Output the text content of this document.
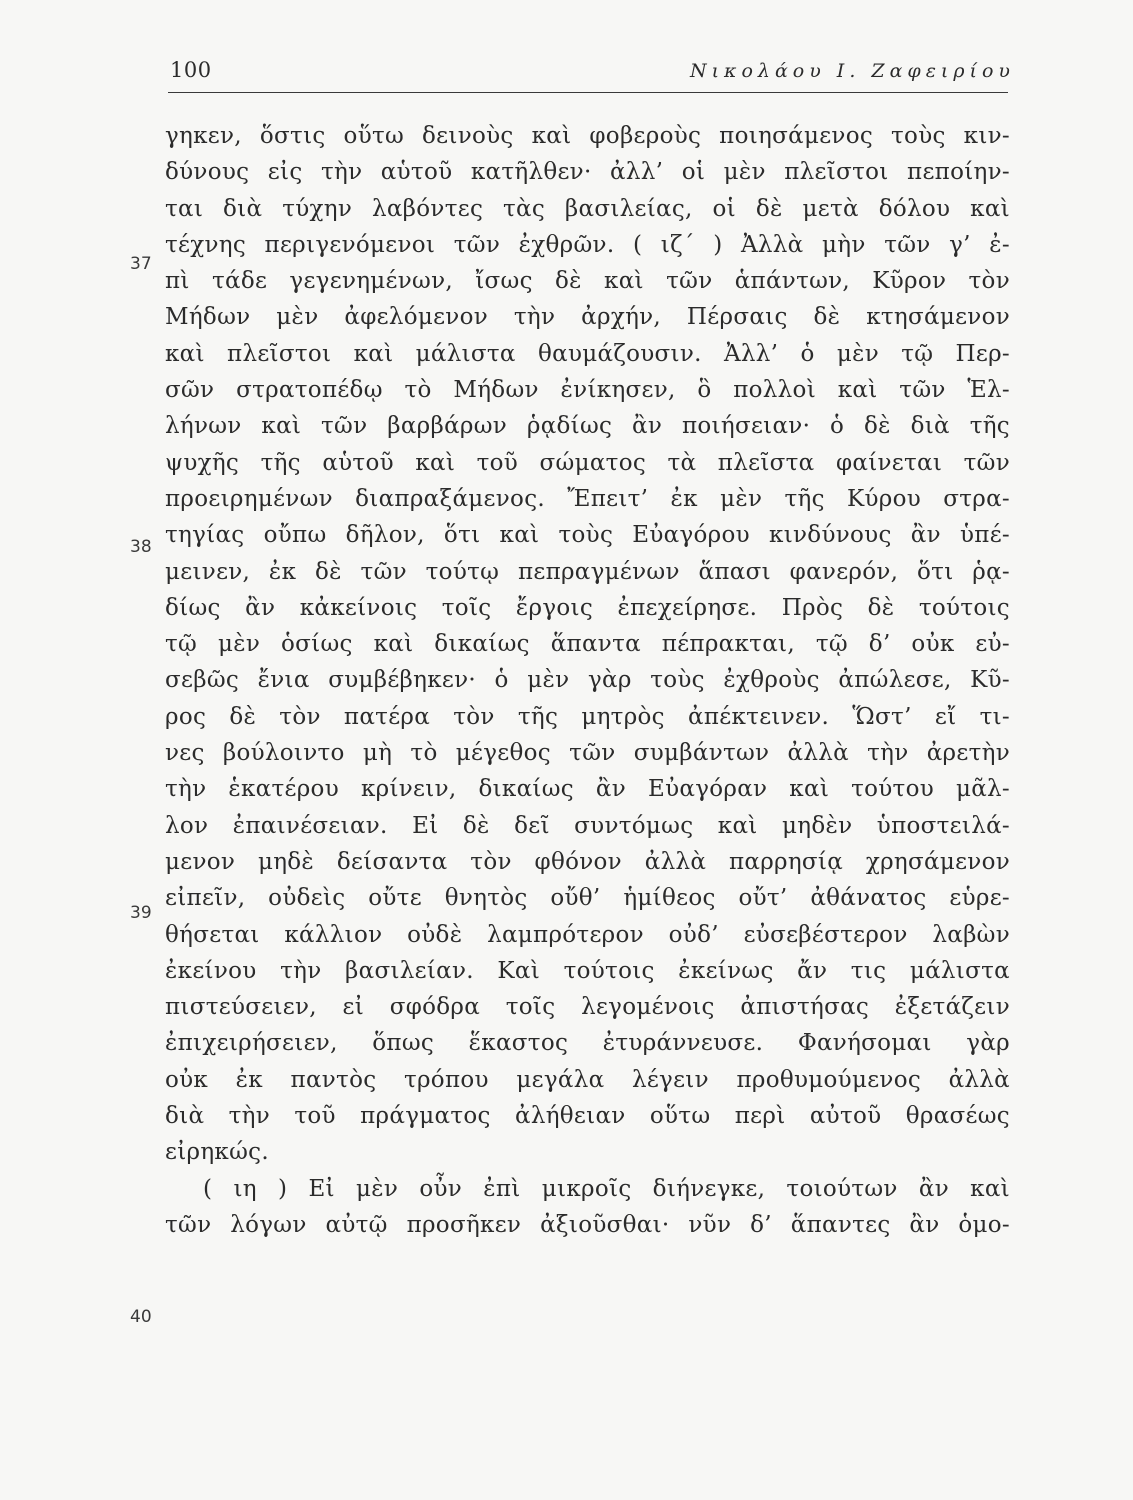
100	Νικολάου Ι. Ζαφειρίου
37
38
39
40
γηκεν, ὅστις οὕτω δεινοὺς καὶ φοβεροὺς ποιησάμενος τοὺς κιν-
δύνους εἰς τὴν αὑτοῦ κατῆλθεν· ἀλλ’ οἱ μὲν πλεῖστοι πεποίην-
ται διὰ τύχην λαβόντες τὰς βασιλείας, οἱ δὲ μετὰ δόλου καὶ
τέχνης περιγενόμενοι τῶν ἐχθρῶν. ( ιζ΄ ) Ἀλλὰ μὴν τῶν γ’ ἐ-
πὶ τάδε γεγενημένων, ἴσως δὲ καὶ τῶν ἁπάντων, Κῦρον τὸν
Μήδων μὲν ἀφελόμενον τὴν ἀρχήν, Πέρσαις δὲ κτησάμενον
καὶ πλεῖστοι καὶ μάλιστα θαυμάζουσιν. Ἀλλ’ ὁ μὲν τῷ Περ-
σῶν στρατοπέδῳ τὸ Μήδων ἐνίκησεν, ὃ πολλοὶ καὶ τῶν Ἑλ-
λήνων καὶ τῶν βαρβάρων ῥᾳδίως ἂν ποιήσειαν· ὁ δὲ διὰ τῆς
ψυχῆς τῆς αὑτοῦ καὶ τοῦ σώματος τὰ πλεῖστα φαίνεται τῶν
προειρημένων διαπραξάμενος. Ἔπειτ’ ἐκ μὲν τῆς Κύρου στρα-
τηγίας οὔπω δῆλον, ὅτι καὶ τοὺς Εὐαγόρου κινδύνους ἂν ὑπέ-
μεινεν, ἐκ δὲ τῶν τούτῳ πεπραγμένων ἅπασι φανερόν, ὅτι ῥᾳ-
δίως ἂν κἀκείνοις τοῖς ἔργοις ἐπεχείρησε. Πρὸς δὲ τούτοις
τῷ μὲν ὁσίως καὶ δικαίως ἅπαντα πέπρακται, τῷ δ’ οὐκ εὐ-
σεβῶς ἔνια συμβέβηκεν· ὁ μὲν γὰρ τοὺς ἐχθροὺς ἀπώλεσε, Κῦ-
ρος δὲ τὸν πατέρα τὸν τῆς μητρὸς ἀπέκτεινεν. Ὥστ’ εἴ τι-
νες βούλοιντο μὴ τὸ μέγεθος τῶν συμβάντων ἀλλὰ τὴν ἀρετὴν
τὴν ἑκατέρου κρίνειν, δικαίως ἂν Εὐαγόραν καὶ τούτου μᾶλ-
λον ἐπαινέσειαν. Εἰ δὲ δεῖ συντόμως καὶ μηδὲν ὑποστειλά-
μενον μηδὲ δείσαντα τὸν φθόνον ἀλλὰ παρρησίᾳ χρησάμενον
εἰπεῖν, οὐδεὶς οὔτε θνητὸς οὔθ’ ἡμίθεος οὔτ’ ἀθάνατος εὑρε-
θήσεται κάλλιον οὐδὲ λαμπρότερον οὐδ’ εὐσεβέστερον λαβὼν
ἐκείνου τὴν βασιλείαν. Καὶ τούτοις ἐκείνως ἄν τις μάλιστα
πιστεύσειεν, εἰ σφόδρα τοῖς λεγομένοις ἀπιστήσας ἐξετάζειν
ἐπιχειρήσειεν, ὅπως ἕκαστος ἐτυράννευσε. Φανήσομαι γὰρ
οὐκ ἐκ παντὸς τρόπου μεγάλα λέγειν προθυμούμενος ἀλλὰ
διὰ τὴν τοῦ πράγματος ἀλήθειαν οὕτω περὶ αὐτοῦ θρασέως
εἰρηκώς.
( ιη ) Εἰ μὲν οὖν ἐπὶ μικροῖς διήνεγκε, τοιούτων ἂν καὶ
τῶν λόγων αὐτῷ προσῆκεν ἀξιοῦσθαι· νῦν δ’ ἅπαντες ἂν ὁμο-
